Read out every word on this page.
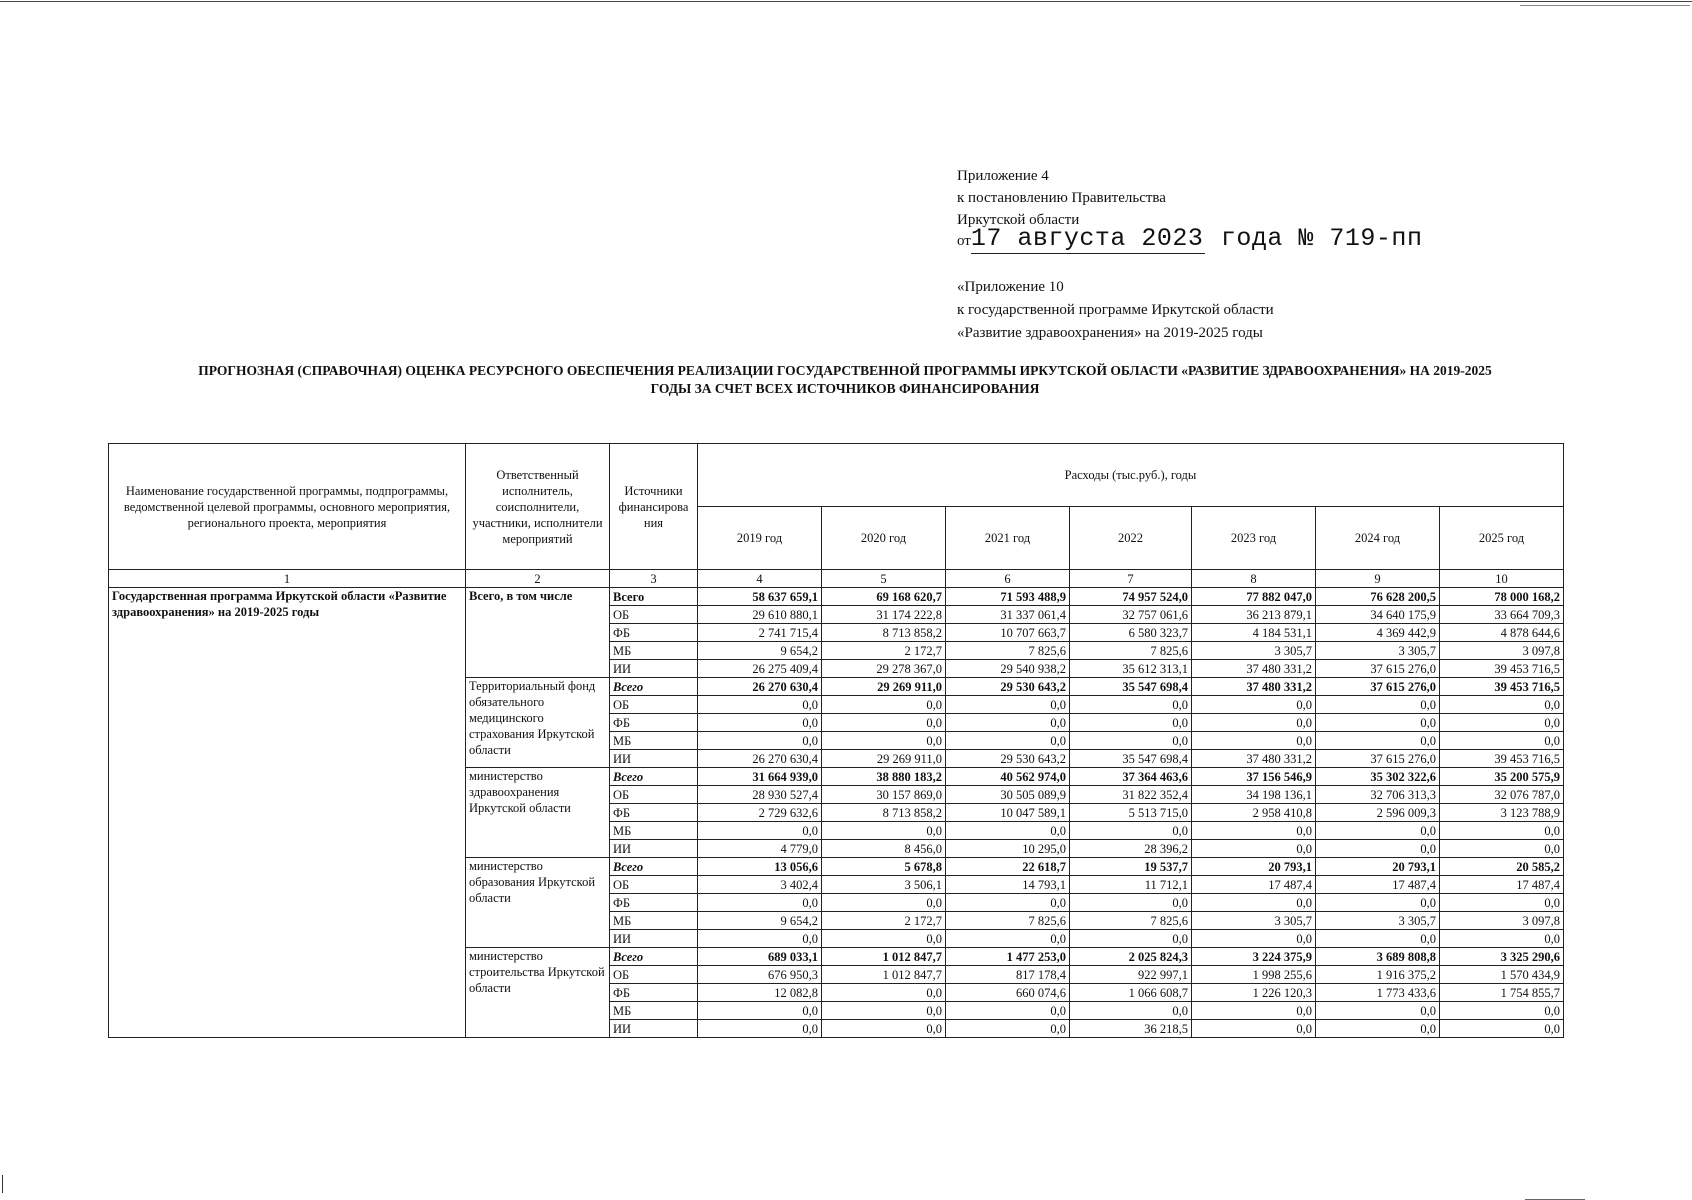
Приложение 4
к постановлению Правительства
Иркутской области
от17 августа 2023 года № 719-пп
«Приложение 10
к государственной программе Иркутской области
«Развитие здравоохранения» на 2019-2025 годы
ПРОГНОЗНАЯ (СПРАВОЧНАЯ) ОЦЕНКА РЕСУРСНОГО ОБЕСПЕЧЕНИЯ РЕАЛИЗАЦИИ ГОСУДАРСТВЕННОЙ ПРОГРАММЫ ИРКУТСКОЙ ОБЛАСТИ «РАЗВИТИЕ ЗДРАВООХРАНЕНИЯ» НА 2019-2025
ГОДЫ ЗА СЧЕТ ВСЕХ ИСТОЧНИКОВ ФИНАНСИРОВАНИЯ
Наименование государственной программы, подпрограммы, ведомственной целевой программы, основного мероприятия, регионального проекта, мероприятия	Ответственный исполнитель, соисполнители, участники, исполнители мероприятий	Источники финансирова ния	Расходы (тыс.руб.), годы						
			2019 год	2020 год	2021 год	2022	2023 год	2024 год	2025 год
1	2	3	4	5	6	7	8	9	10
Государственная программа Иркутской области «Развитие здравоохранения» на 2019-2025 годы	Всего, в том числе	Всего	58 637 659,1	69 168 620,7	71 593 488,9	74 957 524,0	77 882 047,0	76 628 200,5	78 000 168,2
		ОБ	29 610 880,1	31 174 222,8	31 337 061,4	32 757 061,6	36 213 879,1	34 640 175,9	33 664 709,3
		ФБ	2 741 715,4	8 713 858,2	10 707 663,7	6 580 323,7	4 184 531,1	4 369 442,9	4 878 644,6
		МБ	9 654,2	2 172,7	7 825,6	7 825,6	3 305,7	3 305,7	3 097,8
		ИИ	26 275 409,4	29 278 367,0	29 540 938,2	35 612 313,1	37 480 331,2	37 615 276,0	39 453 716,5
	Территориальный фонд обязательного медицинского страхования Иркутской области	Всего	26 270 630,4	29 269 911,0	29 530 643,2	35 547 698,4	37 480 331,2	37 615 276,0	39 453 716,5
		ОБ	0,0	0,0	0,0	0,0	0,0	0,0	0,0
		ФБ	0,0	0,0	0,0	0,0	0,0	0,0	0,0
		МБ	0,0	0,0	0,0	0,0	0,0	0,0	0,0
		ИИ	26 270 630,4	29 269 911,0	29 530 643,2	35 547 698,4	37 480 331,2	37 615 276,0	39 453 716,5
	министерство здравоохранения Иркутской области	Всего	31 664 939,0	38 880 183,2	40 562 974,0	37 364 463,6	37 156 546,9	35 302 322,6	35 200 575,9
		ОБ	28 930 527,4	30 157 869,0	30 505 089,9	31 822 352,4	34 198 136,1	32 706 313,3	32 076 787,0
		ФБ	2 729 632,6	8 713 858,2	10 047 589,1	5 513 715,0	2 958 410,8	2 596 009,3	3 123 788,9
		МБ	0,0	0,0	0,0	0,0	0,0	0,0	0,0
		ИИ	4 779,0	8 456,0	10 295,0	28 396,2	0,0	0,0	0,0
	министерство образования Иркутской области	Всего	13 056,6	5 678,8	22 618,7	19 537,7	20 793,1	20 793,1	20 585,2
		ОБ	3 402,4	3 506,1	14 793,1	11 712,1	17 487,4	17 487,4	17 487,4
		ФБ	0,0	0,0	0,0	0,0	0,0	0,0	0,0
		МБ	9 654,2	2 172,7	7 825,6	7 825,6	3 305,7	3 305,7	3 097,8
		ИИ	0,0	0,0	0,0	0,0	0,0	0,0	0,0
	министерство строительства Иркутской области	Всего	689 033,1	1 012 847,7	1 477 253,0	2 025 824,3	3 224 375,9	3 689 808,8	3 325 290,6
		ОБ	676 950,3	1 012 847,7	817 178,4	922 997,1	1 998 255,6	1 916 375,2	1 570 434,9
		ФБ	12 082,8	0,0	660 074,6	1 066 608,7	1 226 120,3	1 773 433,6	1 754 855,7
		МБ	0,0	0,0	0,0	0,0	0,0	0,0	0,0
		ИИ	0,0	0,0	0,0	36 218,5	0,0	0,0	0,0
